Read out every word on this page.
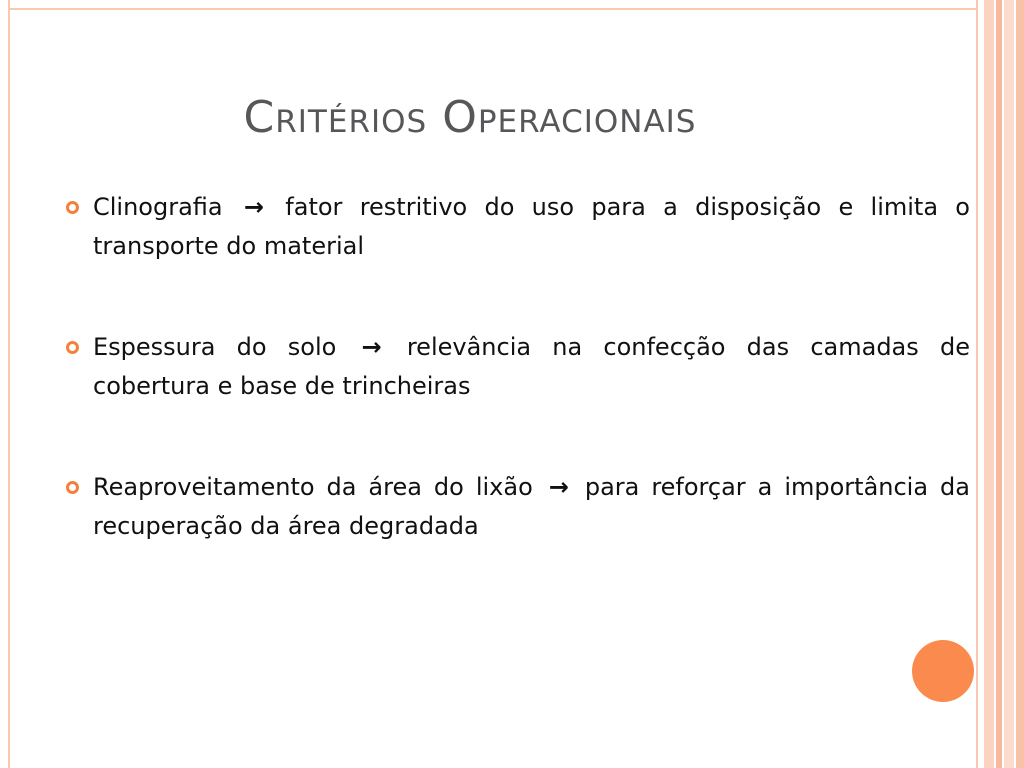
Critérios Operacionais
Clinografia → fator restritivo do uso para a disposição e limita o transporte do material
Espessura do solo → relevância na confecção das camadas de cobertura e base de trincheiras
Reaproveitamento da área do lixão → para reforçar a importância da recuperação da área degradada
